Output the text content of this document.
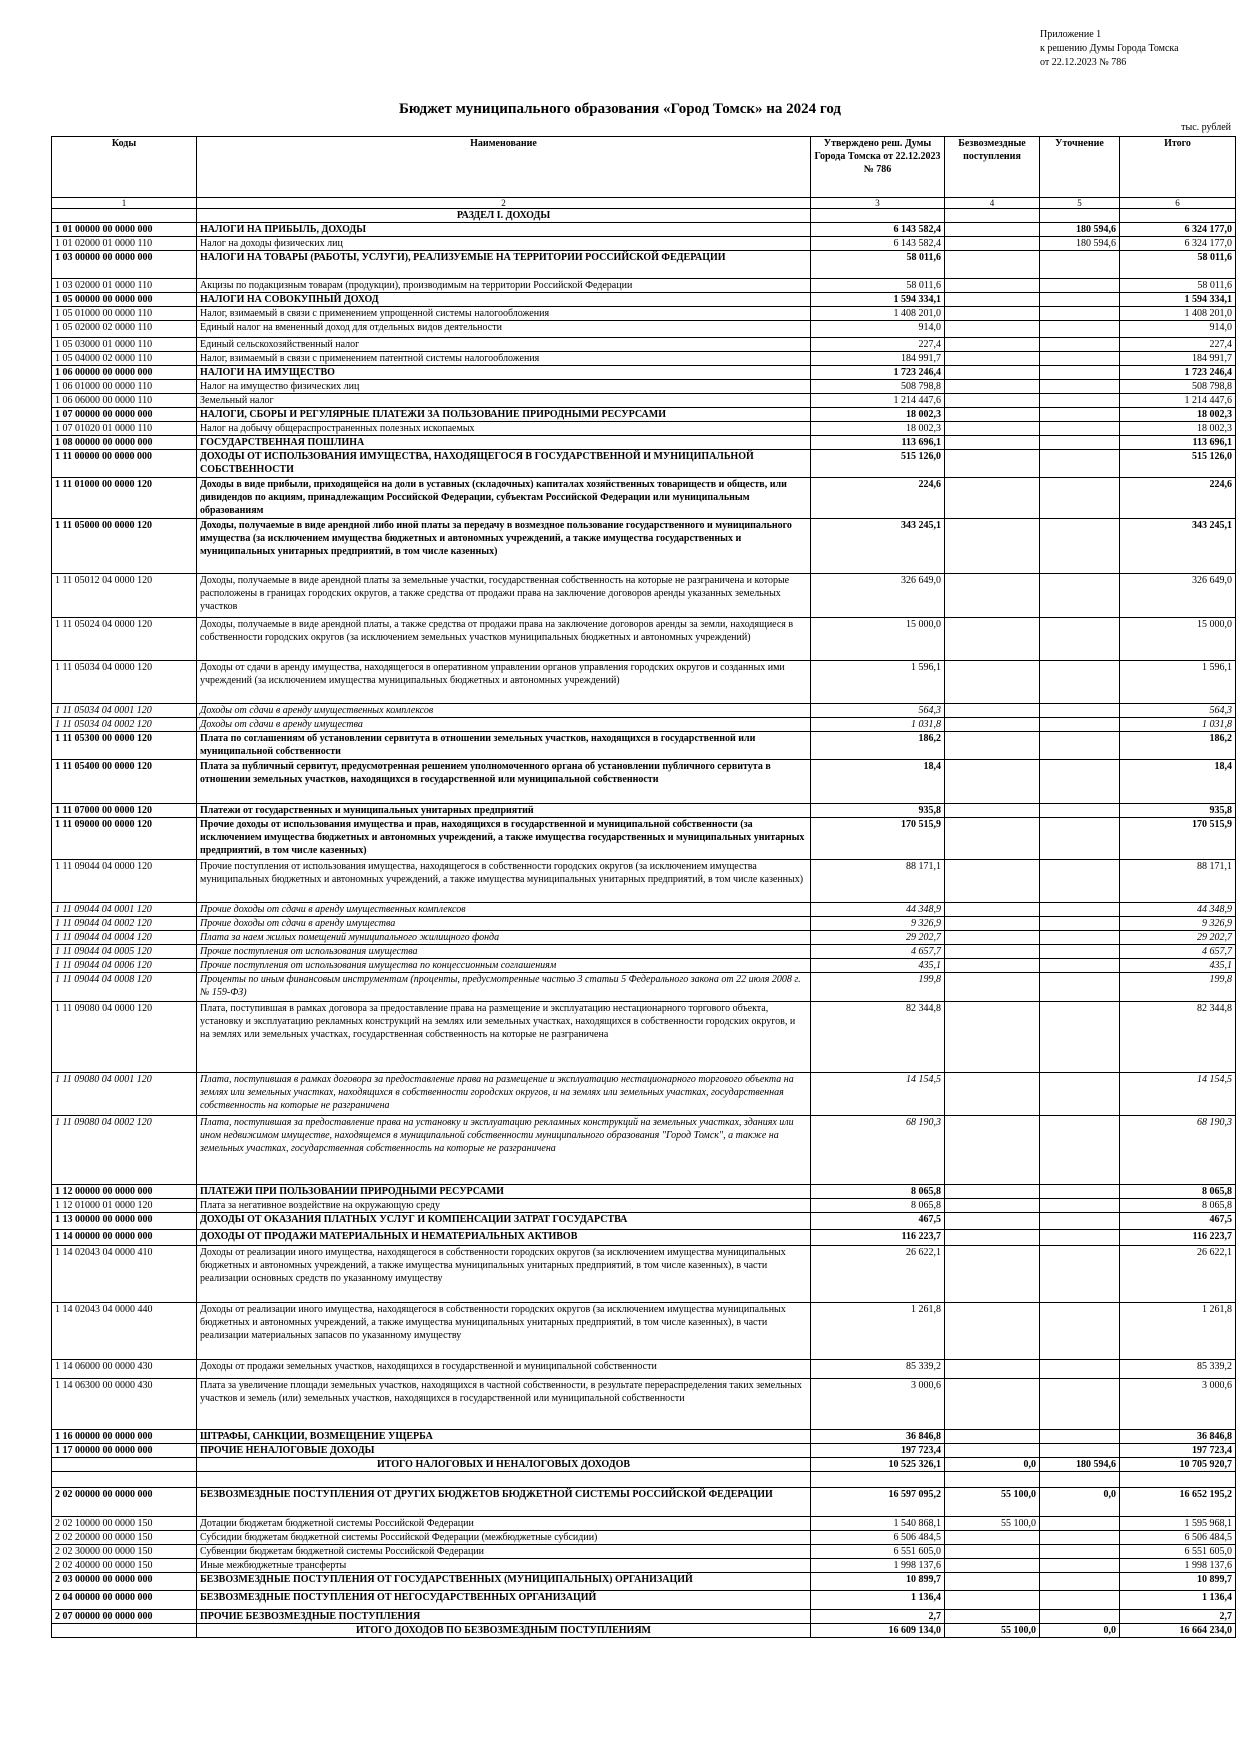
Приложение 1
к решению Думы Города Томска
от 22.12.2023 № 786
Бюджет муниципального образования «Город Томск» на 2024 год
тыс. рублей
Коды	Наименование	Утверждено реш. Думы Города Томска от 22.12.2023 № 786	Безвозмездные поступления	Уточнение	Итого
1	2	3	4	5	6
	РАЗДЕЛ I. ДОХОДЫ				
1 01 00000 00 0000 000	НАЛОГИ НА ПРИБЫЛЬ, ДОХОДЫ	6 143 582,4		180 594,6	6 324 177,0
1 01 02000 01 0000 110	Налог на доходы физических лиц	6 143 582,4		180 594,6	6 324 177,0
1 03 00000 00 0000 000	НАЛОГИ НА ТОВАРЫ (РАБОТЫ, УСЛУГИ), РЕАЛИЗУЕМЫЕ НА ТЕРРИТОРИИ РОССИЙСКОЙ ФЕДЕРАЦИИ	58 011,6			58 011,6
1 03 02000 01 0000 110	Акцизы по подакцизным товарам (продукции), производимым на территории Российской Федерации	58 011,6			58 011,6
1 05 00000 00 0000 000	НАЛОГИ НА СОВОКУПНЫЙ ДОХОД	1 594 334,1			1 594 334,1
1 05 01000 00 0000 110	Налог, взимаемый в связи с применением упрощенной системы налогообложения	1 408 201,0			1 408 201,0
1 05 02000 02 0000 110	Единый налог на вмененный доход для отдельных видов деятельности	914,0			914,0
1 05 03000 01 0000 110	Единый сельскохозяйственный налог	227,4			227,4
1 05 04000 02 0000 110	Налог, взимаемый в связи с применением патентной системы налогообложения	184 991,7			184 991,7
1 06 00000 00 0000 000	НАЛОГИ НА ИМУЩЕСТВО	1 723 246,4			1 723 246,4
1 06 01000 00 0000 110	Налог на имущество физических лиц	508 798,8			508 798,8
1 06 06000 00 0000 110	Земельный налог	1 214 447,6			1 214 447,6
1 07 00000 00 0000 000	НАЛОГИ, СБОРЫ И РЕГУЛЯРНЫЕ ПЛАТЕЖИ ЗА ПОЛЬЗОВАНИЕ ПРИРОДНЫМИ РЕСУРСАМИ	18 002,3			18 002,3
1 07 01020 01 0000 110	Налог на добычу общераспространенных полезных ископаемых	18 002,3			18 002,3
1 08 00000 00 0000 000	ГОСУДАРСТВЕННАЯ ПОШЛИНА	113 696,1			113 696,1
1 11 00000 00 0000 000	ДОХОДЫ ОТ ИСПОЛЬЗОВАНИЯ ИМУЩЕСТВА, НАХОДЯЩЕГОСЯ В ГОСУДАРСТВЕННОЙ И МУНИЦИПАЛЬНОЙ СОБСТВЕННОСТИ	515 126,0			515 126,0
1 11 01000 00 0000 120	Доходы в виде прибыли, приходящейся на доли в уставных (складочных) капиталах хозяйственных товариществ и обществ, или дивидендов по акциям, принадлежащим Российской Федерации, субъектам Российской Федерации или муниципальным образованиям	224,6			224,6
1 11 05000 00 0000 120	Доходы, получаемые в виде арендной либо иной платы за передачу в возмездное пользование государственного и муниципального имущества (за исключением имущества бюджетных и автономных учреждений, а также имущества государственных и муниципальных унитарных предприятий, в том числе казенных)	343 245,1			343 245,1
1 11 05012 04 0000 120	Доходы, получаемые в виде арендной платы за земельные участки, государственная собственность на которые не разграничена и которые расположены в границах городских округов, а также средства от продажи права на заключение договоров аренды указанных земельных участков	326 649,0			326 649,0
1 11 05024 04 0000 120	Доходы, получаемые в виде арендной платы, а также средства от продажи права на заключение договоров аренды за земли, находящиеся в собственности городских округов (за исключением земельных участков муниципальных бюджетных и автономных учреждений)	15 000,0			15 000,0
1 11 05034 04 0000 120	Доходы от сдачи в аренду имущества, находящегося в оперативном управлении органов управления городских округов и созданных ими учреждений (за исключением имущества муниципальных бюджетных и автономных учреждений)	1 596,1			1 596,1
1 11 05034 04 0001 120	Доходы от сдачи в аренду имущественных комплексов	564,3			564,3
1 11 05034 04 0002 120	Доходы от сдачи в аренду имущества	1 031,8			1 031,8
1 11 05300 00 0000 120	Плата по соглашениям об установлении сервитута в отношении земельных участков, находящихся в государственной или муниципальной собственности	186,2			186,2
1 11 05400 00 0000 120	Плата за публичный сервитут, предусмотренная решением уполномоченного органа об установлении публичного сервитута в отношении земельных участков, находящихся в государственной или муниципальной собственности	18,4			18,4
1 11 07000 00 0000 120	Платежи от государственных и муниципальных унитарных предприятий	935,8			935,8
1 11 09000 00 0000 120	Прочие доходы от использования имущества и прав, находящихся в государственной и муниципальной собственности (за исключением имущества бюджетных и автономных учреждений, а также имущества государственных и муниципальных унитарных предприятий, в том числе казенных)	170 515,9			170 515,9
1 11 09044 04 0000 120	Прочие поступления от использования имущества, находящегося в собственности городских округов (за исключением имущества муниципальных бюджетных и автономных учреждений, а также имущества муниципальных унитарных предприятий, в том числе казенных)	88 171,1			88 171,1
1 11 09044 04 0001 120	Прочие доходы от сдачи в аренду имущественных комплексов	44 348,9			44 348,9
1 11 09044 04 0002 120	Прочие доходы от сдачи в аренду имущества	9 326,9			9 326,9
1 11 09044 04 0004 120	Плата за наем жилых помещений муниципального жилищного фонда	29 202,7			29 202,7
1 11 09044 04 0005 120	Прочие поступления от использования имущества	4 657,7			4 657,7
1 11 09044 04 0006 120	Прочие поступления от использования имущества по концессионным соглашениям	435,1			435,1
1 11 09044 04 0008 120	Проценты по иным финансовым инструментам (проценты, предусмотренные частью 3 статьи 5 Федерального закона от 22 июля 2008 г. № 159-ФЗ)	199,8			199,8
1 11 09080 04 0000 120	Плата, поступившая в рамках договора за предоставление права на размещение и эксплуатацию нестационарного торгового объекта, установку и эксплуатацию рекламных конструкций на землях или земельных участках, находящихся в собственности городских округов, и на землях или земельных участках, государственная собственность на которые не разграничена	82 344,8			82 344,8
1 11 09080 04 0001 120	Плата, поступившая в рамках договора за предоставление права на размещение и эксплуатацию нестационарного торгового объекта на землях или земельных участках, находящихся в собственности городских округов, и на землях или земельных участках, государственная собственность на которые не разграничена	14 154,5			14 154,5
1 11 09080 04 0002 120	Плата, поступившая за предоставление права на установку и эксплуатацию рекламных конструкций на земельных участках, зданиях или ином недвижимом имуществе, находящемся в муниципальной собственности муниципального образования "Город Томск", а также на земельных участках, государственная собственность на которые не разграничена	68 190,3			68 190,3
1 12 00000 00 0000 000	ПЛАТЕЖИ ПРИ ПОЛЬЗОВАНИИ ПРИРОДНЫМИ РЕСУРСАМИ	8 065,8			8 065,8
1 12 01000 01 0000 120	Плата за негативное воздействие на окружающую среду	8 065,8			8 065,8
1 13 00000 00 0000 000	ДОХОДЫ ОТ ОКАЗАНИЯ ПЛАТНЫХ УСЛУГ И КОМПЕНСАЦИИ ЗАТРАТ ГОСУДАРСТВА	467,5			467,5
1 14 00000 00 0000 000	ДОХОДЫ ОТ ПРОДАЖИ МАТЕРИАЛЬНЫХ И НЕМАТЕРИАЛЬНЫХ АКТИВОВ	116 223,7			116 223,7
1 14 02043 04 0000 410	Доходы от реализации иного имущества, находящегося в собственности городских округов (за исключением имущества муниципальных бюджетных и автономных учреждений, а также имущества муниципальных унитарных предприятий, в том числе казенных), в части реализации основных средств по указанному имуществу	26 622,1			26 622,1
1 14 02043 04 0000 440	Доходы от реализации иного имущества, находящегося в собственности городских округов (за исключением имущества муниципальных бюджетных и автономных учреждений, а также имущества муниципальных унитарных предприятий, в том числе казенных), в части реализации материальных запасов по указанному имуществу	1 261,8			1 261,8
1 14 06000 00 0000 430	Доходы от продажи земельных участков, находящихся в государственной и муниципальной собственности	85 339,2			85 339,2
1 14 06300 00 0000 430	Плата за увеличение площади земельных участков, находящихся в частной собственности, в результате перераспределения таких земельных участков и земель (или) земельных участков, находящихся в государственной или муниципальной собственности	3 000,6			3 000,6
1 16 00000 00 0000 000	ШТРАФЫ, САНКЦИИ, ВОЗМЕЩЕНИЕ УЩЕРБА	36 846,8			36 846,8
1 17 00000 00 0000 000	ПРОЧИЕ НЕНАЛОГОВЫЕ ДОХОДЫ	197 723,4			197 723,4
	ИТОГО НАЛОГОВЫХ И НЕНАЛОГОВЫХ ДОХОДОВ	10 525 326,1	0,0	180 594,6	10 705 920,7

2 02 00000 00 0000 000	БЕЗВОЗМЕЗДНЫЕ ПОСТУПЛЕНИЯ ОТ ДРУГИХ БЮДЖЕТОВ БЮДЖЕТНОЙ СИСТЕМЫ РОССИЙСКОЙ ФЕДЕРАЦИИ	16 597 095,2	55 100,0	0,0	16 652 195,2
2 02 10000 00 0000 150	Дотации бюджетам бюджетной системы Российской Федерации	1 540 868,1	55 100,0		1 595 968,1
2 02 20000 00 0000 150	Субсидии бюджетам бюджетной системы Российской Федерации (межбюджетные субсидии)	6 506 484,5			6 506 484,5
2 02 30000 00 0000 150	Субвенции бюджетам бюджетной системы Российской Федерации	6 551 605,0			6 551 605,0
2 02 40000 00 0000 150	Иные межбюджетные трансферты	1 998 137,6			1 998 137,6
2 03 00000 00 0000 000	БЕЗВОЗМЕЗДНЫЕ ПОСТУПЛЕНИЯ ОТ ГОСУДАРСТВЕННЫХ (МУНИЦИПАЛЬНЫХ) ОРГАНИЗАЦИЙ	10 899,7			10 899,7
2 04 00000 00 0000 000	БЕЗВОЗМЕЗДНЫЕ ПОСТУПЛЕНИЯ ОТ НЕГОСУДАРСТВЕННЫХ ОРГАНИЗАЦИЙ	1 136,4			1 136,4
2 07 00000 00 0000 000	ПРОЧИЕ БЕЗВОЗМЕЗДНЫЕ ПОСТУПЛЕНИЯ	2,7			2,7
	ИТОГО ДОХОДОВ ПО БЕЗВОЗМЕЗДНЫМ ПОСТУПЛЕНИЯМ	16 609 134,0	55 100,0	0,0	16 664 234,0
